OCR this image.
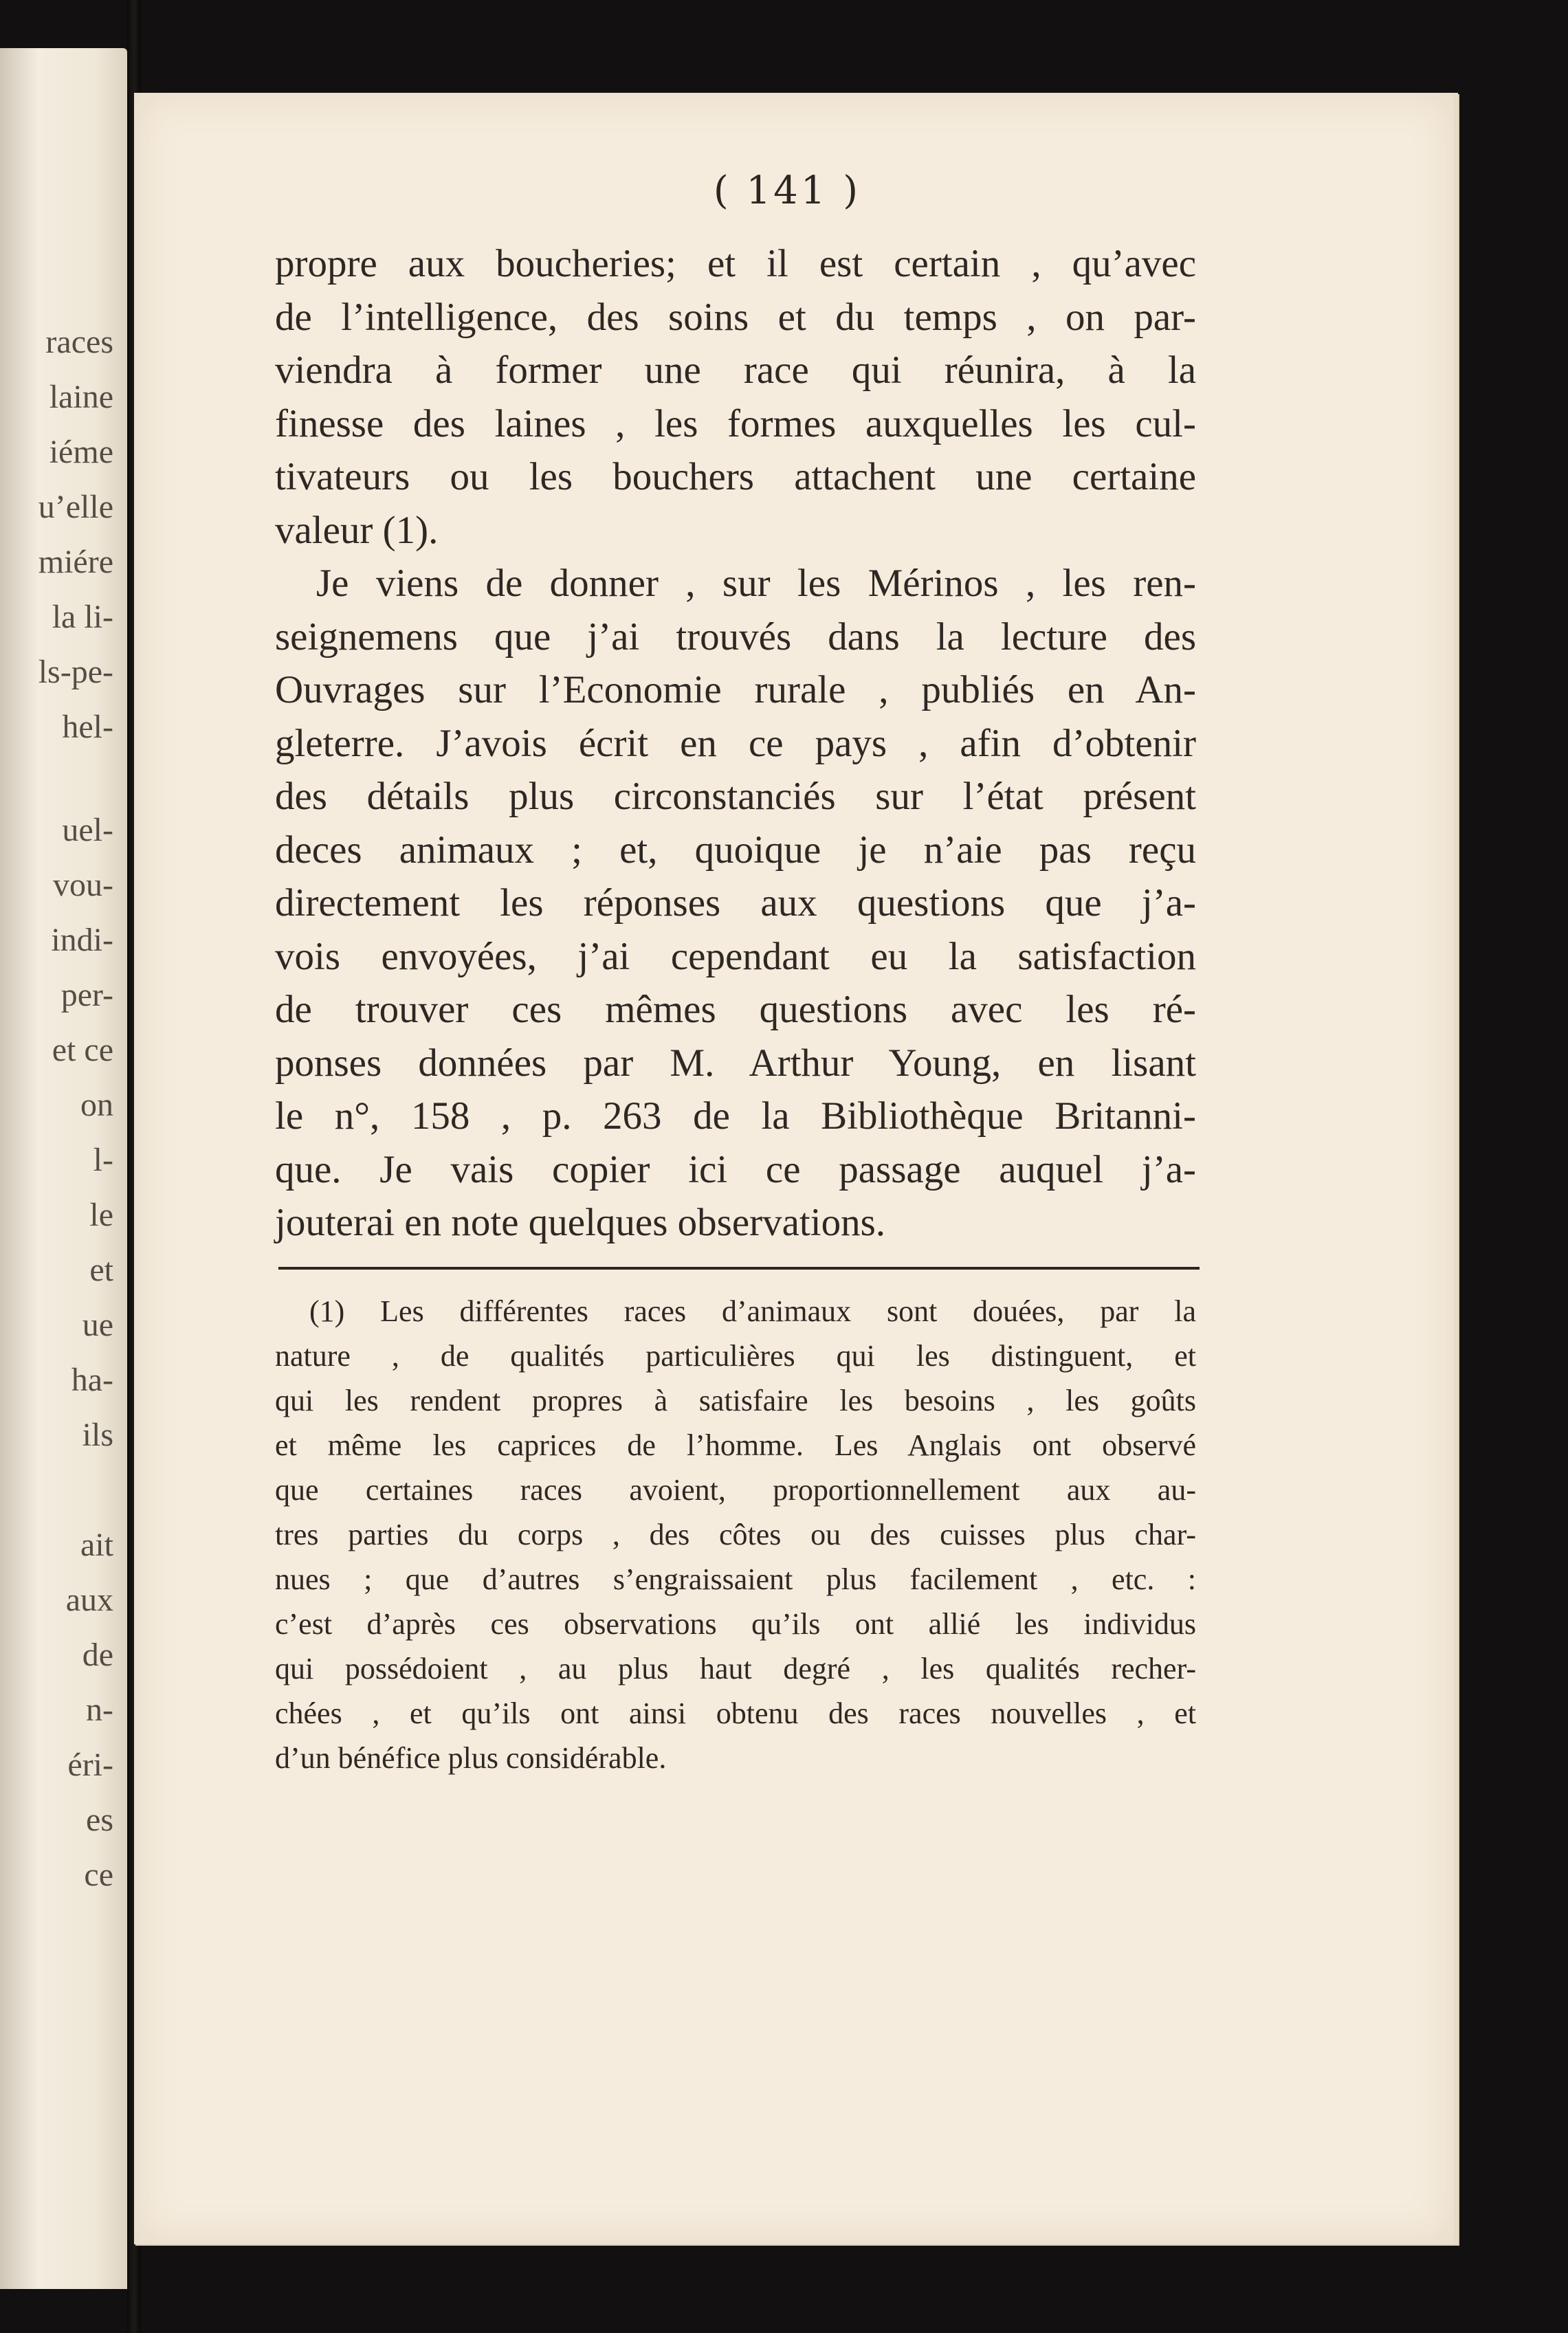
races
laine
iéme
u’elle
miére
la li-
ls-pe-
hel-
uel-
vou-
indi-
per-
et ce
on
l-
le
et
ue
ha-
ils
ait
aux
de
n-
éri-
es
ce
( 141 )
propre aux boucheries; et il est certain , qu’avec
de l’intelligence, des soins et du temps , on par-
viendra à former une race qui réunira, à la
finesse des laines , les formes auxquelles les cul-
tivateurs ou les bouchers attachent une certaine
valeur (1).
Je viens de donner , sur les Mérinos , les ren-
seignemens que j’ai trouvés dans la lecture des
Ouvrages sur l’Economie rurale , publiés en An-
gleterre. J’avois écrit en ce pays , afin d’obtenir
des détails plus circonstanciés sur l’état présent
deces animaux ; et, quoique je n’aie pas reçu
directement les réponses aux questions que j’a-
vois envoyées, j’ai cependant eu la satisfaction
de trouver ces mêmes questions avec les ré-
ponses données par M. Arthur Young, en lisant
le n°, 158 , p. 263 de la Bibliothèque Britanni-
que. Je vais copier ici ce passage auquel j’a-
jouterai en note quelques observations.
(1) Les différentes races d’animaux sont douées, par la
nature , de qualités particulières qui les distinguent, et
qui les rendent propres à satisfaire les besoins , les goûts
et même les caprices de l’homme. Les Anglais ont observé
que certaines races avoient, proportionnellement aux au-
tres parties du corps , des côtes ou des cuisses plus char-
nues ; que d’autres s’engraissaient plus facilement , etc. :
c’est d’après ces observations qu’ils ont allié les individus
qui possédoient , au plus haut degré , les qualités recher-
chées , et qu’ils ont ainsi obtenu des races nouvelles , et
d’un bénéfice plus considérable.
